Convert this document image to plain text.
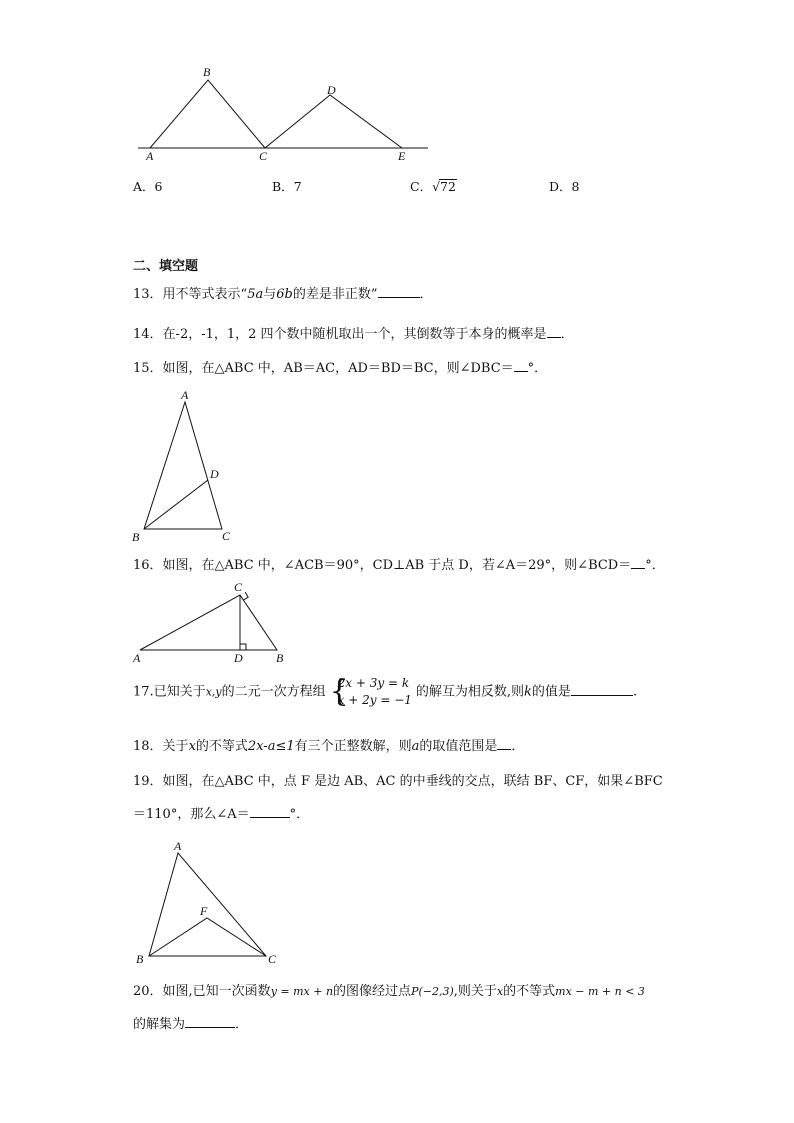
A
B
C
D
E
A．6	B．7	C．√72	D．8
二、填空题
13．用不等式表示“5a与6b的差是非正数”	．
14．在-2，-1，1，2 四个数中随机取出一个，其倒数等于本身的概率是 ．
15．如图，在△ABC 中，AB＝AC，AD＝BD＝BC，则∠DBC＝ °．
A
B	C
D
16．如图，在△ABC 中，∠ACB＝90°，CD⊥AB 于点 D，若∠A＝29°，则∠BCD＝ °．
C
A	D	B
17.已知关于x,y的二元一次方程组 {
2x + 3y = k
x + 2y = −1
的解互为相反数,则k的值是	.
18．关于x的不等式2x-a≤1有三个正整数解，则a的取值范围是 ．
19．如图，在△ABC 中，点 F 是边 AB、AC 的中垂线的交点，联结 BF、CF，如果∠BFC
＝110°，那么∠A＝	°．
A
B	C
F
20．如图,已知一次函数y = mx + n的图像经过点P(−2,3),则关于x的不等式mx − m + n < 3
的解集为	．
